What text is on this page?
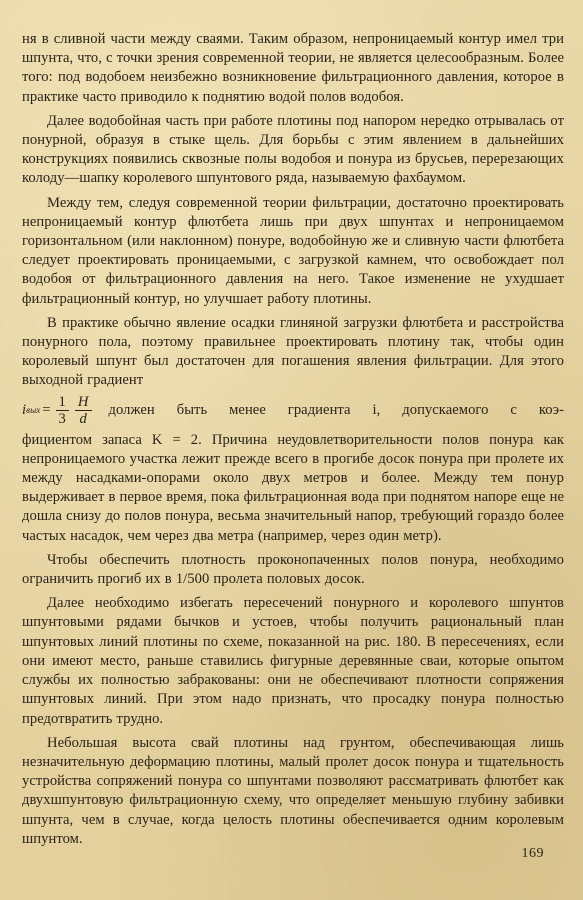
ня в сливной части между сваями. Таким образом, непроницаемый контур имел три шпунта, что, с точки зрения современной теории, не является целесообразным. Более того: под водобоем неизбежно возникновение фильтрационного давления, которое в практике часто приводило к поднятию водой полов водобоя.

Далее водобойная часть при работе плотины под напором нередко отрывалась от понурной, образуя в стыке щель. Для борьбы с этим явлением в дальнейших конструкциях появились сквозные полы водобоя и понура из брусьев, перерезающих колоду—шапку королевого шпунтового ряда, называемую фахбаумом.

Между тем, следуя современной теории фильтрации, достаточно проектировать непроницаемый контур флютбета лишь при двух шпунтах и непроницаемом горизонтальном (или наклонном) понуре, водобойную же и сливную части флютбета следует проектировать проницаемыми, с загрузкой камнем, что освобождает пол водобоя от фильтрационного давления на него. Такое изменение не ухудшает фильтрационный контур, но улучшает работу плотины.

В практике обычно явление осадки глиняной загрузки флютбета и расстройства понурного пола, поэтому правильнее проектировать плотину так, чтобы один королевый шпунт был достаточен для погашения явления фильтрации. Для этого выходной градиент

i вых = $\frac{1}{3} \frac{H}{d}$ должен быть менее градиента i, допускаемого с коэ-

фициентом запаса K = 2. Причина неудовлетворительности полов понура как непроницаемого участка лежит прежде всего в прогибе досок понура при пролете их между насадками-опорами около двух метров и более. Между тем понур выдерживает в первое время, пока фильтрационная вода при поднятом напоре еще не дошла снизу до полов понура, весьма значительный напор, требующий гораздо более частых насадок, чем через два метра (например, через один метр).

Чтобы обеспечить плотность проконопаченных полов понура, необходимо ограничить прогиб их в 1/500 пролета половых досок.

Далее необходимо избегать пересечений понурного и королевого шпунтов шпунтовыми рядами бычков и устоев, чтобы получить рациональный план шпунтовых линий плотины по схеме, показанной на рис. 180. В пересечениях, если они имеют место, раньше ставились фигурные деревянные сваи, которые опытом службы их полностью забракованы: они не обеспечивают плотности сопряжения шпунтовых линий. При этом надо признать, что просадку понура полностью предотвратить трудно.

Небольшая высота свай плотины над грунтом, обеспечивающая лишь незначительную деформацию плотины, малый пролет досок понура и тщательность устройства сопряжений понура со шпунтами позволяют рассматривать флютбет как двухшпунтовую фильтрационную схему, что определяет меньшую глубину забивки шпунта, чем в случае, когда целость плотины обеспечивается одним королевым шпунтом.

169
